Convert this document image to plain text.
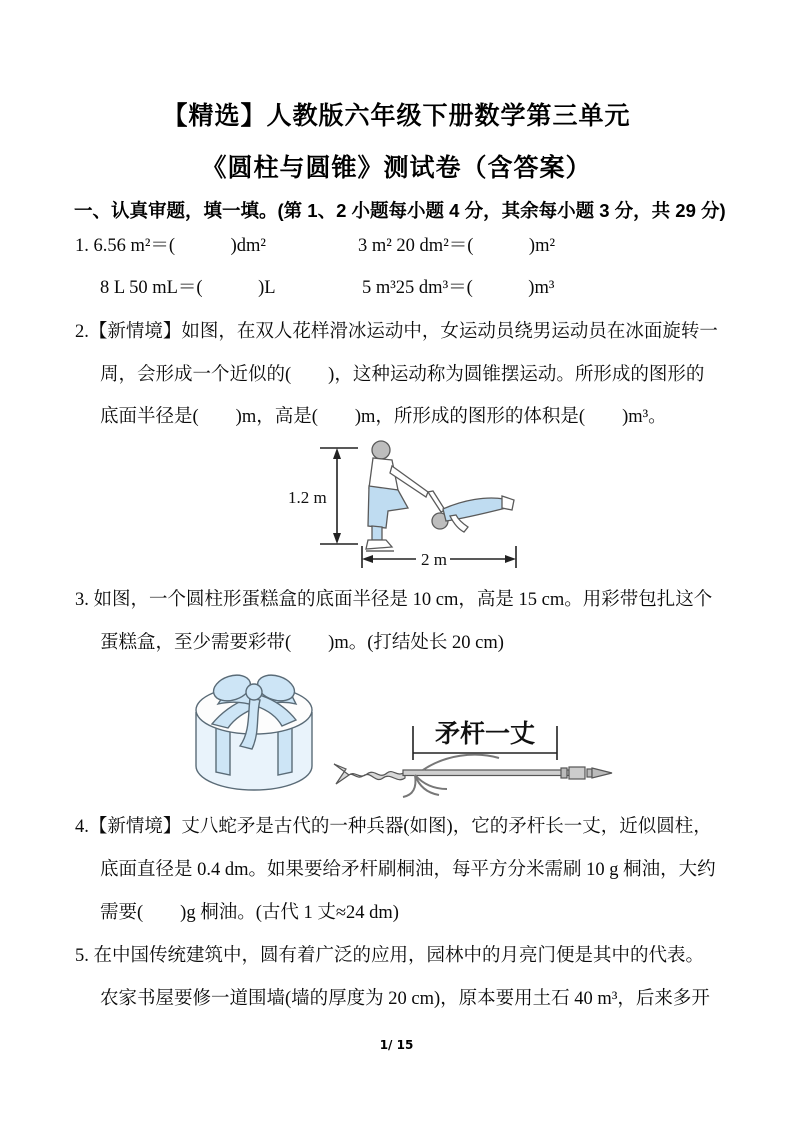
【精选】人教版六年级下册数学第三单元
《圆柱与圆锥》测试卷（含答案）
一、认真审题，填一填。(第 1、2 小题每小题 4 分，其余每小题 3 分，共 29 分)
1. 6.56 m²＝(　　　)dm²	3 m² 20 dm²＝(　　　)m²
8 L 50 mL＝(　　　)L	5 m³25 dm³＝(　　　)m³
2.【新情境】如图，在双人花样滑冰运动中，女运动员绕男运动员在冰面旋转一
周，会形成一个近似的(　　)，这种运动称为圆锥摆运动。所形成的图形的
底面半径是(　　)m，高是(　　)m，所形成的图形的体积是(　　)m³。
1.2 m
2 m
3. 如图，一个圆柱形蛋糕盒的底面半径是 10 cm，高是 15 cm。用彩带包扎这个
蛋糕盒，至少需要彩带(　　)m。(打结处长 20 cm)
矛杆一丈
4.【新情境】丈八蛇矛是古代的一种兵器(如图)，它的矛杆长一丈，近似圆柱，
底面直径是 0.4 dm。如果要给矛杆刷桐油，每平方分米需刷 10 g 桐油，大约
需要(　　)g 桐油。(古代 1 丈≈24 dm)
5. 在中国传统建筑中，圆有着广泛的应用，园林中的月亮门便是其中的代表。
农家书屋要修一道围墙(墙的厚度为 20 cm)，原本要用土石 40 m³，后来多开
1/ 15
